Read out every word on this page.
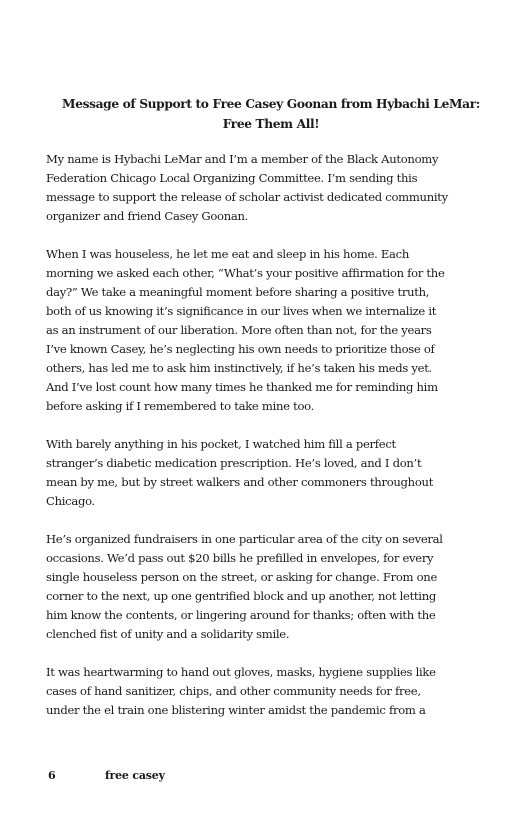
Message of Support to Free Casey Goonan from Hybachi LeMar:
Free Them All!

My name is Hybachi LeMar and I’m a member of the Black Autonomy
Federation Chicago Local Organizing Committee. I’m sending this
message to support the release of scholar activist dedicated community
organizer and friend Casey Goonan.

When I was houseless, he let me eat and sleep in his home. Each
morning we asked each other, “What’s your positive affirmation for the
day?” We take a meaningful moment before sharing a positive truth,
both of us knowing it’s significance in our lives when we internalize it
as an instrument of our liberation. More often than not, for the years
I’ve known Casey, he’s neglecting his own needs to prioritize those of
others, has led me to ask him instinctively, if he’s taken his meds yet.
And I’ve lost count how many times he thanked me for reminding him
before asking if I remembered to take mine too.

With barely anything in his pocket, I watched him fill a perfect
stranger’s diabetic medication prescription. He’s loved, and I don’t
mean by me, but by street walkers and other commoners throughout
Chicago.

He’s organized fundraisers in one particular area of the city on several
occasions. We’d pass out $20 bills he prefilled in envelopes, for every
single houseless person on the street, or asking for change. From one
corner to the next, up one gentrified block and up another, not letting
him know the contents, or lingering around for thanks; often with the
clenched fist of unity and a solidarity smile.

It was heartwarming to hand out gloves, masks, hygiene supplies like
cases of hand sanitizer, chips, and other community needs for free,
under the el train one blistering winter amidst the pandemic from a

6	free casey
